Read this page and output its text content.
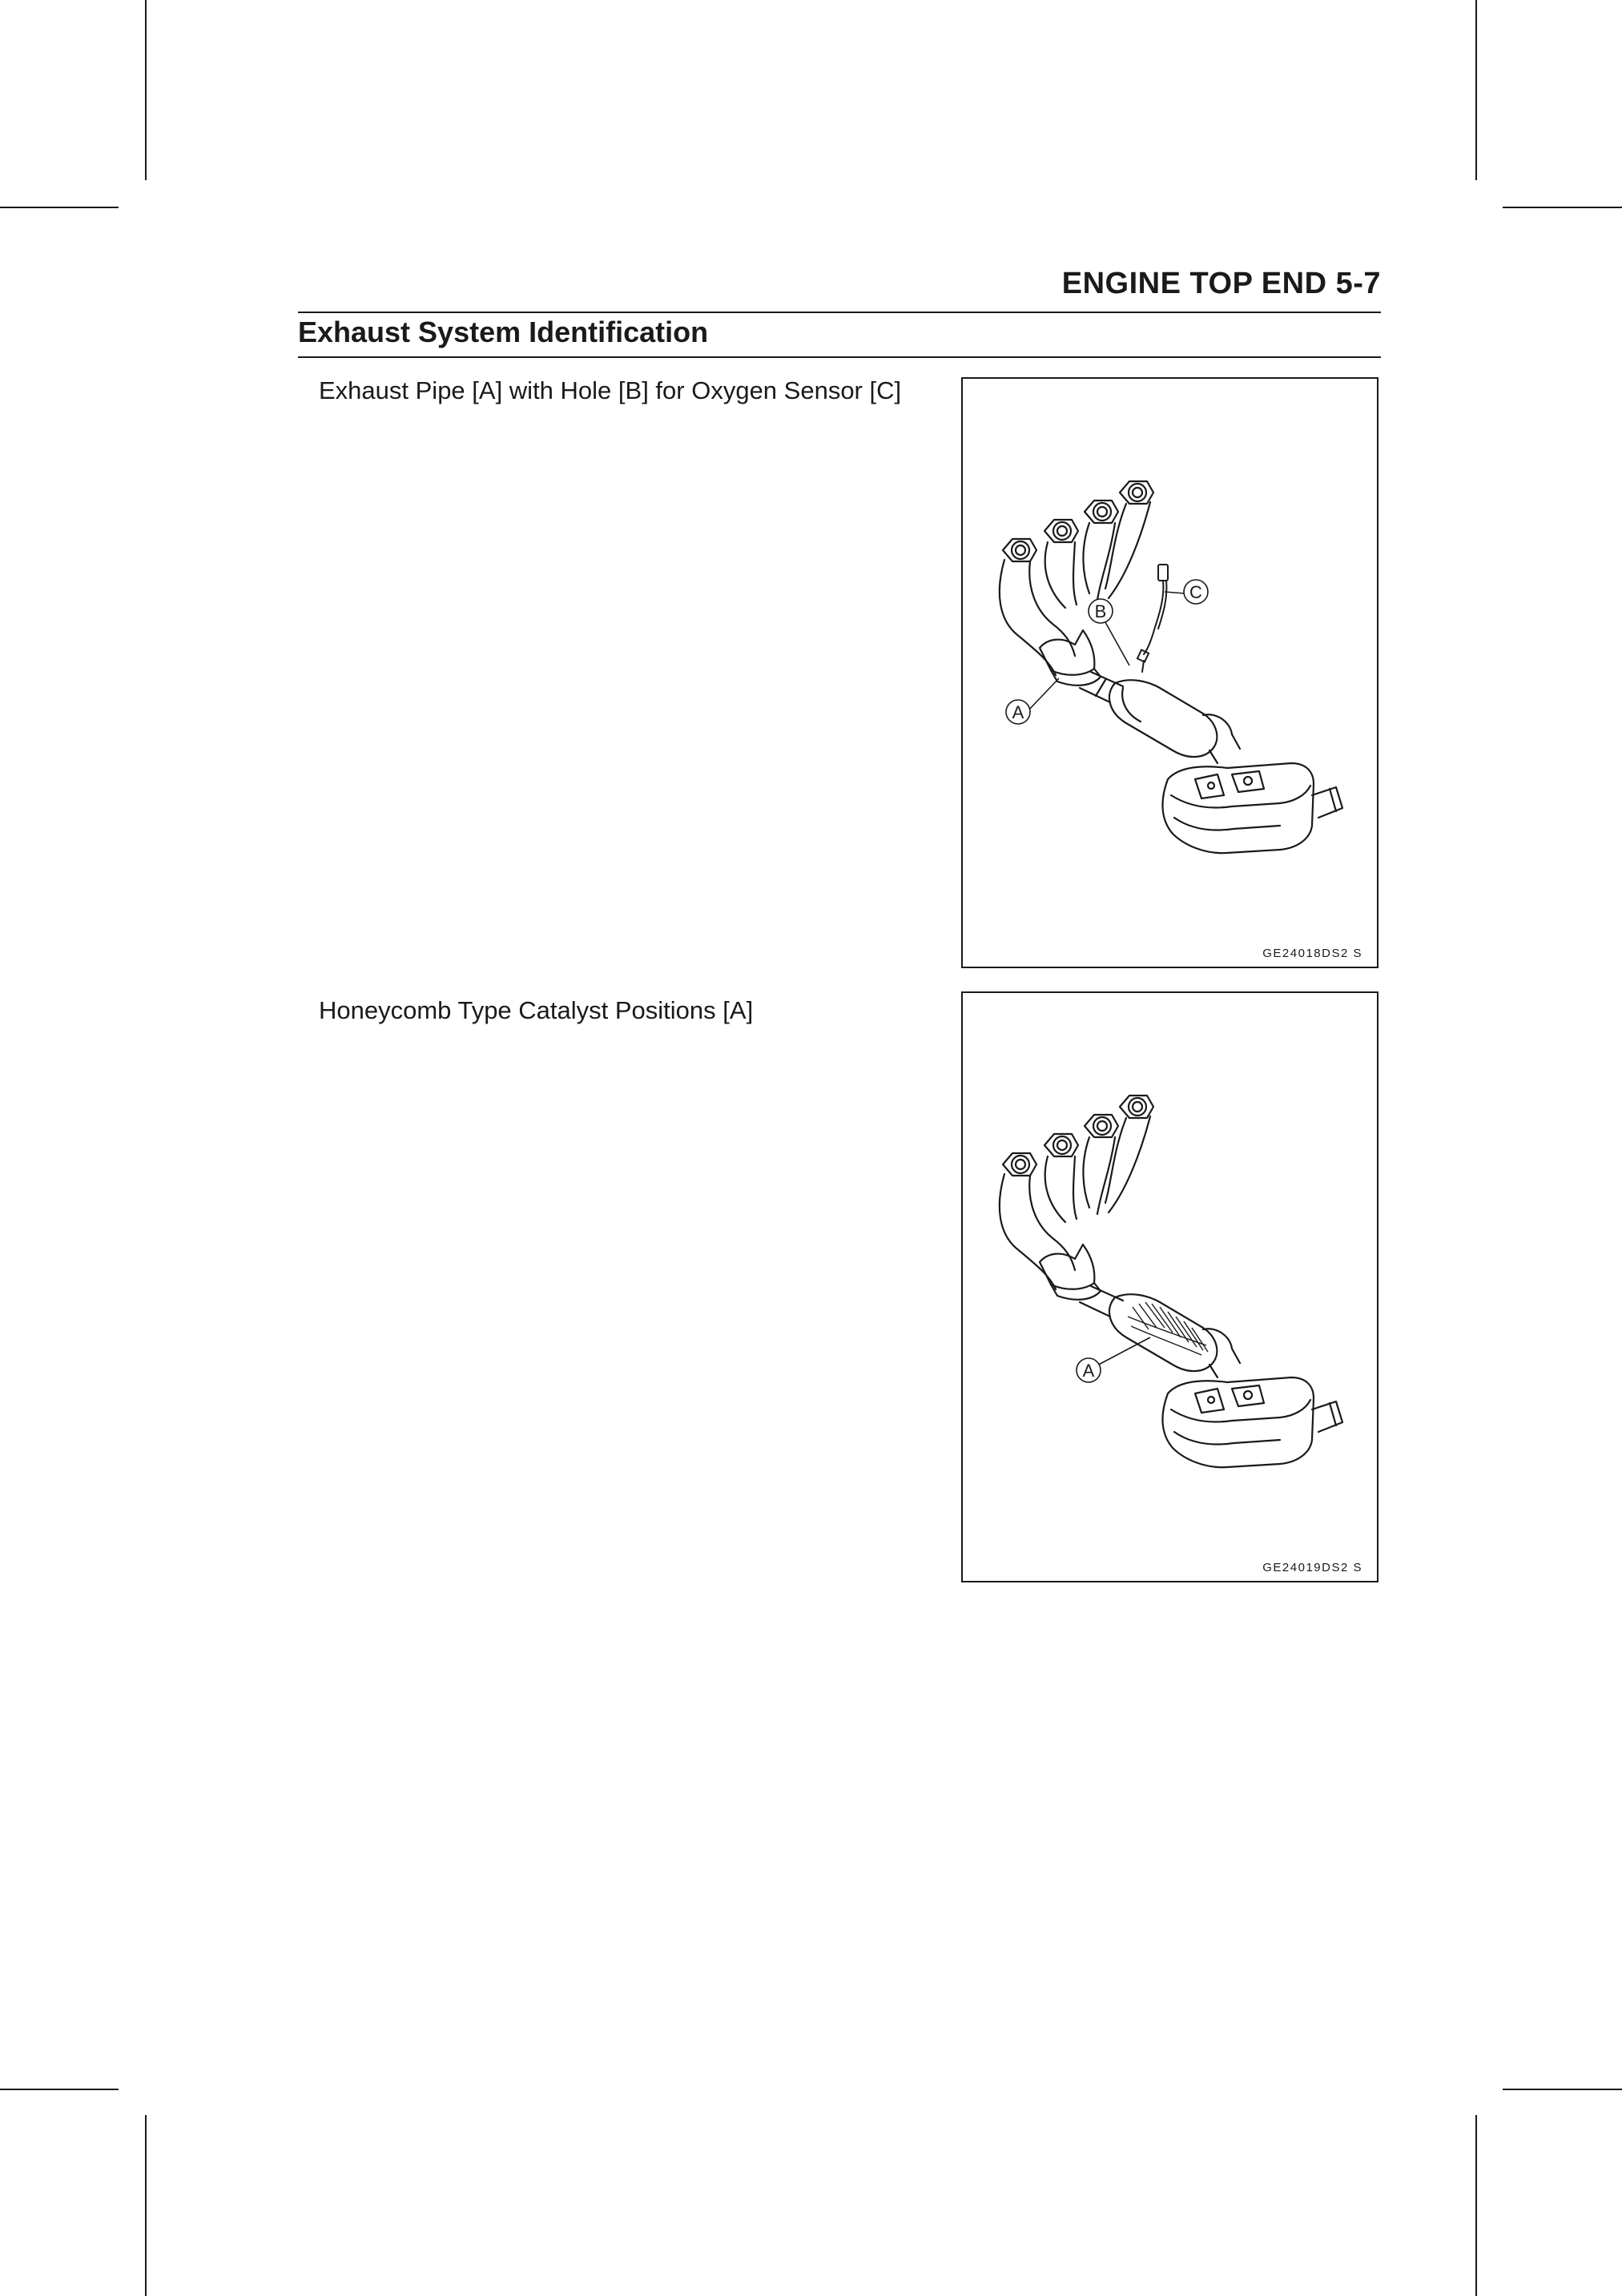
ENGINE TOP END 5-7
Exhaust System Identification
Exhaust Pipe [A] with Hole [B] for Oxygen Sensor [C]
A
B
C
GE24018DS2 S
Honeycomb Type Catalyst Positions [A]
A
GE24019DS2 S
